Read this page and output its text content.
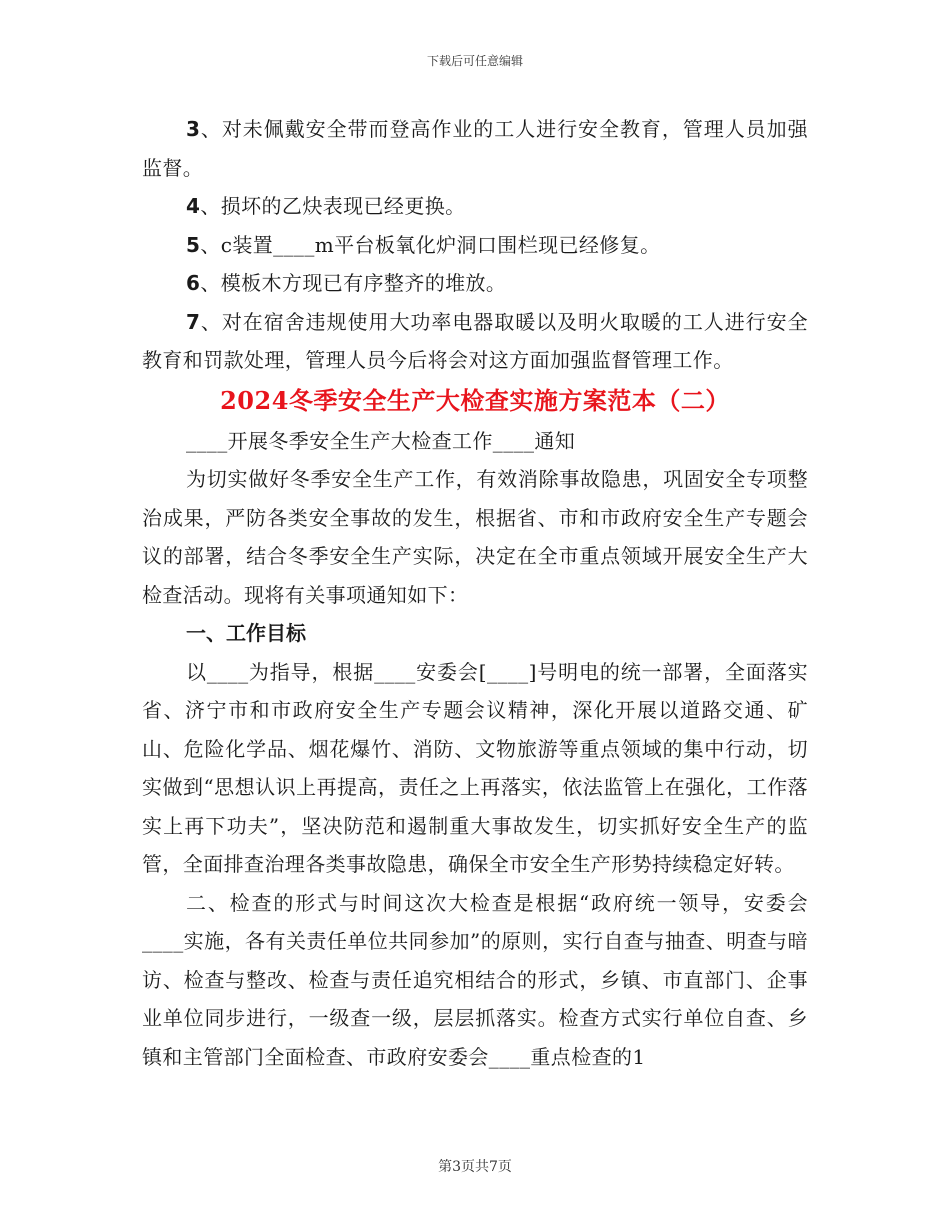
下载后可任意编辑

3、对未佩戴安全带而登高作业的工人进行安全教育，管理人员加强监督。

4、损坏的乙炔表现已经更换。

5、c装置____m平台板氧化炉洞口围栏现已经修复。

6、模板木方现已有序整齐的堆放。

7、对在宿舍违规使用大功率电器取暖以及明火取暖的工人进行安全教育和罚款处理，管理人员今后将会对这方面加强监督管理工作。

2024冬季安全生产大检查实施方案范本（二）

____开展冬季安全生产大检查工作____通知

为切实做好冬季安全生产工作，有效消除事故隐患，巩固安全专项整治成果，严防各类安全事故的发生，根据省、市和市政府安全生产专题会议的部署，结合冬季安全生产实际，决定在全市重点领域开展安全生产大检查活动。现将有关事项通知如下：

一、工作目标

以____为指导，根据____安委会[____]号明电的统一部署，全面落实省、济宁市和市政府安全生产专题会议精神，深化开展以道路交通、矿山、危险化学品、烟花爆竹、消防、文物旅游等重点领域的集中行动，切实做到“思想认识上再提高，责任之上再落实，依法监管上在强化，工作落实上再下功夫”，坚决防范和遏制重大事故发生，切实抓好安全生产的监管，全面排查治理各类事故隐患，确保全市安全生产形势持续稳定好转。

二、检查的形式与时间这次大检查是根据“政府统一领导，安委会____实施，各有关责任单位共同参加”的原则，实行自查与抽查、明查与暗访、检查与整改、检查与责任追究相结合的形式，乡镇、市直部门、企事业单位同步进行，一级查一级，层层抓落实。检查方式实行单位自查、乡镇和主管部门全面检查、市政府安委会____重点检查的1

第3页共7页
